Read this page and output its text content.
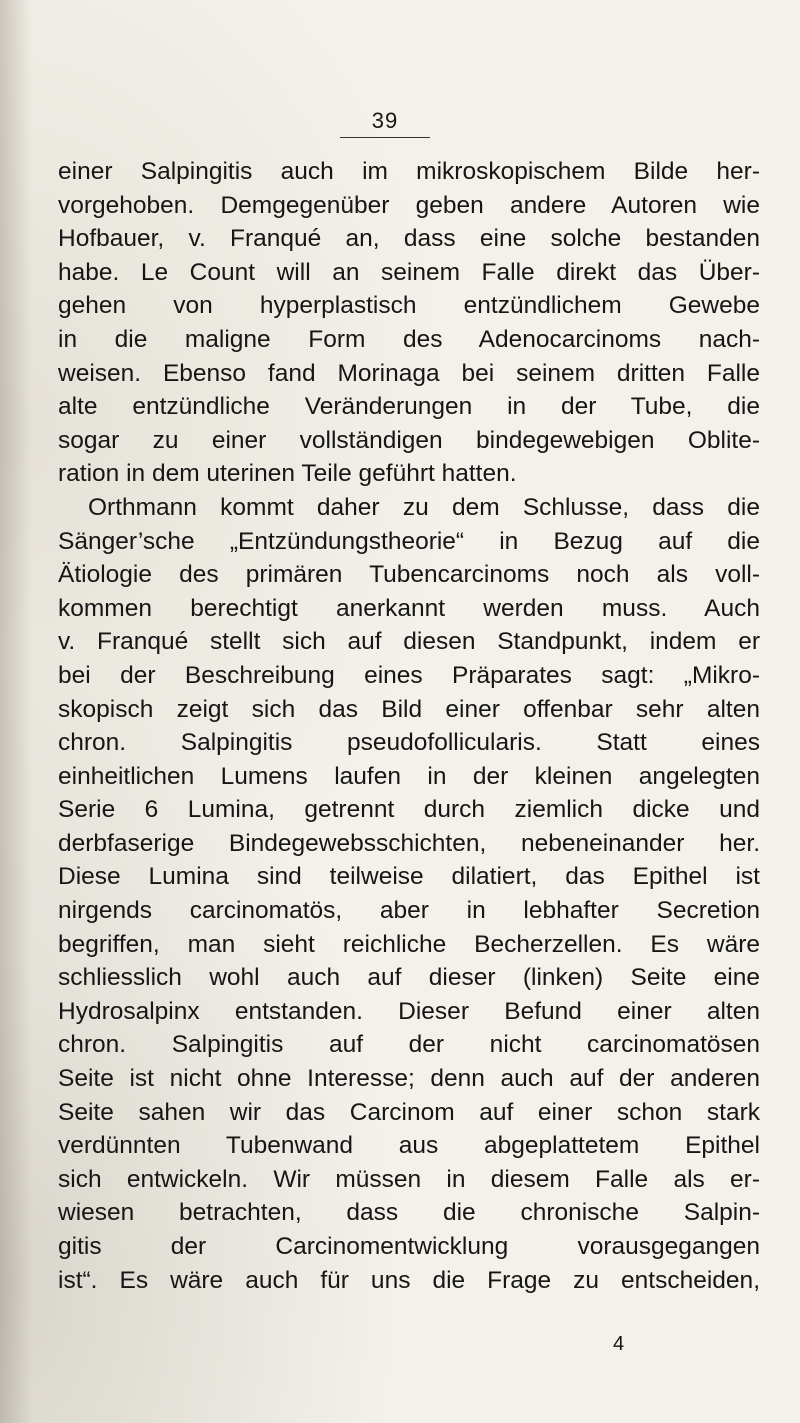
39
einer Salpingitis auch im mikroskopischem Bilde her-
vorgehoben. Demgegenüber geben andere Autoren wie
Hofbauer, v. Franqué an, dass eine solche bestanden
habe. Le Count will an seinem Falle direkt das Über-
gehen von hyperplastisch entzündlichem Gewebe
in die maligne Form des Adenocarcinoms nach-
weisen. Ebenso fand Morinaga bei seinem dritten Falle
alte entzündliche Veränderungen in der Tube, die
sogar zu einer vollständigen bindegewebigen Oblite-
ration in dem uterinen Teile geführt hatten.
Orthmann kommt daher zu dem Schlusse, dass die
Sänger’sche „Entzündungstheorie“ in Bezug auf die
Ätiologie des primären Tubencarcinoms noch als voll-
kommen berechtigt anerkannt werden muss. Auch
v. Franqué stellt sich auf diesen Standpunkt, indem er
bei der Beschreibung eines Präparates sagt: „Mikro-
skopisch zeigt sich das Bild einer offenbar sehr alten
chron. Salpingitis pseudofollicularis. Statt eines
einheitlichen Lumens laufen in der kleinen angelegten
Serie 6 Lumina, getrennt durch ziemlich dicke und
derbfaserige Bindegewebsschichten, nebeneinander her.
Diese Lumina sind teilweise dilatiert, das Epithel ist
nirgends carcinomatös, aber in lebhafter Secretion
begriffen, man sieht reichliche Becherzellen. Es wäre
schliesslich wohl auch auf dieser (linken) Seite eine
Hydrosalpinx entstanden. Dieser Befund einer alten
chron. Salpingitis auf der nicht carcinomatösen
Seite ist nicht ohne Interesse; denn auch auf der anderen
Seite sahen wir das Carcinom auf einer schon stark
verdünnten Tubenwand aus abgeplattetem Epithel
sich entwickeln. Wir müssen in diesem Falle als er-
wiesen betrachten, dass die chronische Salpin-
gitis der Carcinomentwicklung vorausgegangen
ist“. Es wäre auch für uns die Frage zu entscheiden,
4
